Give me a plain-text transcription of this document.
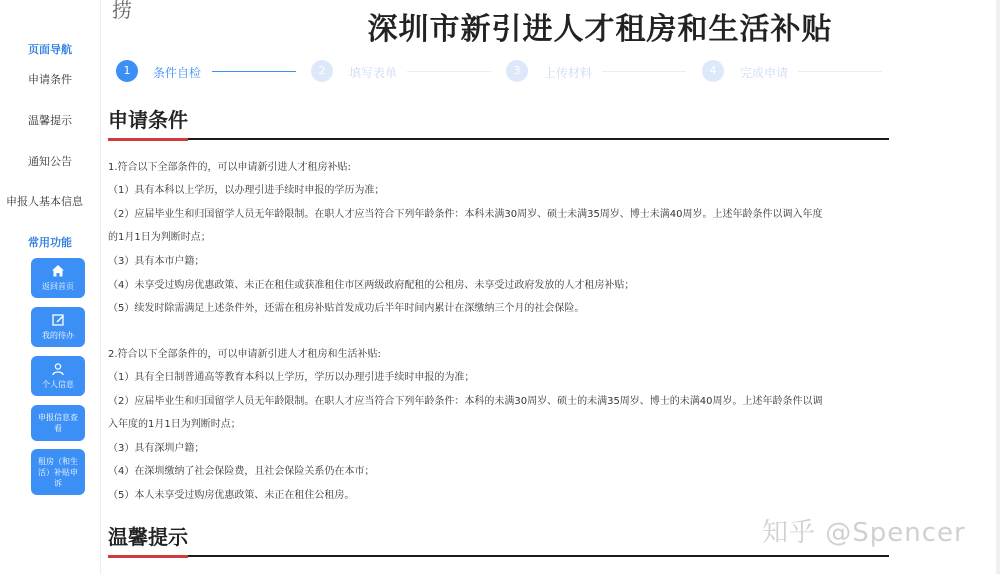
捞
深圳市新引进人才租房和生活补贴
页面导航
申请条件
温馨提示
通知公告
申报人基本信息
常用功能
返回首页
我的待办
个人信息
申报信息查看
租房（和生活）补贴申诉
1	条件自检	2	填写表单	3	上传材料	4	完成申请
申请条件
1.符合以下全部条件的，可以申请新引进人才租房补贴:
（1）具有本科以上学历，以办理引进手续时申报的学历为准；
（2）应届毕业生和归国留学人员无年龄限制。在职人才应当符合下列年龄条件：本科未满30周岁、硕士未满35周岁、博士未满40周岁。上述年龄条件以调入年度
的1月1日为判断时点；
（3）具有本市户籍；
（4）未享受过购房优惠政策、未正在租住或获准租住市区两级政府配租的公租房、未享受过政府发放的人才租房补贴；
（5）续发时除需满足上述条件外，还需在租房补贴首发成功后半年时间内累计在深缴纳三个月的社会保险。
2.符合以下全部条件的，可以申请新引进人才租房和生活补贴:
（1）具有全日制普通高等教育本科以上学历，学历以办理引进手续时申报的为准；
（2）应届毕业生和归国留学人员无年龄限制。在职人才应当符合下列年龄条件：本科的未满30周岁、硕士的未满35周岁、博士的未满40周岁。上述年龄条件以调
入年度的1月1日为判断时点；
（3）具有深圳户籍；
（4）在深圳缴纳了社会保险费，且社会保险关系仍在本市；
（5）本人未享受过购房优惠政策、未正在租住公租房。
温馨提示	知乎 @Spencer
